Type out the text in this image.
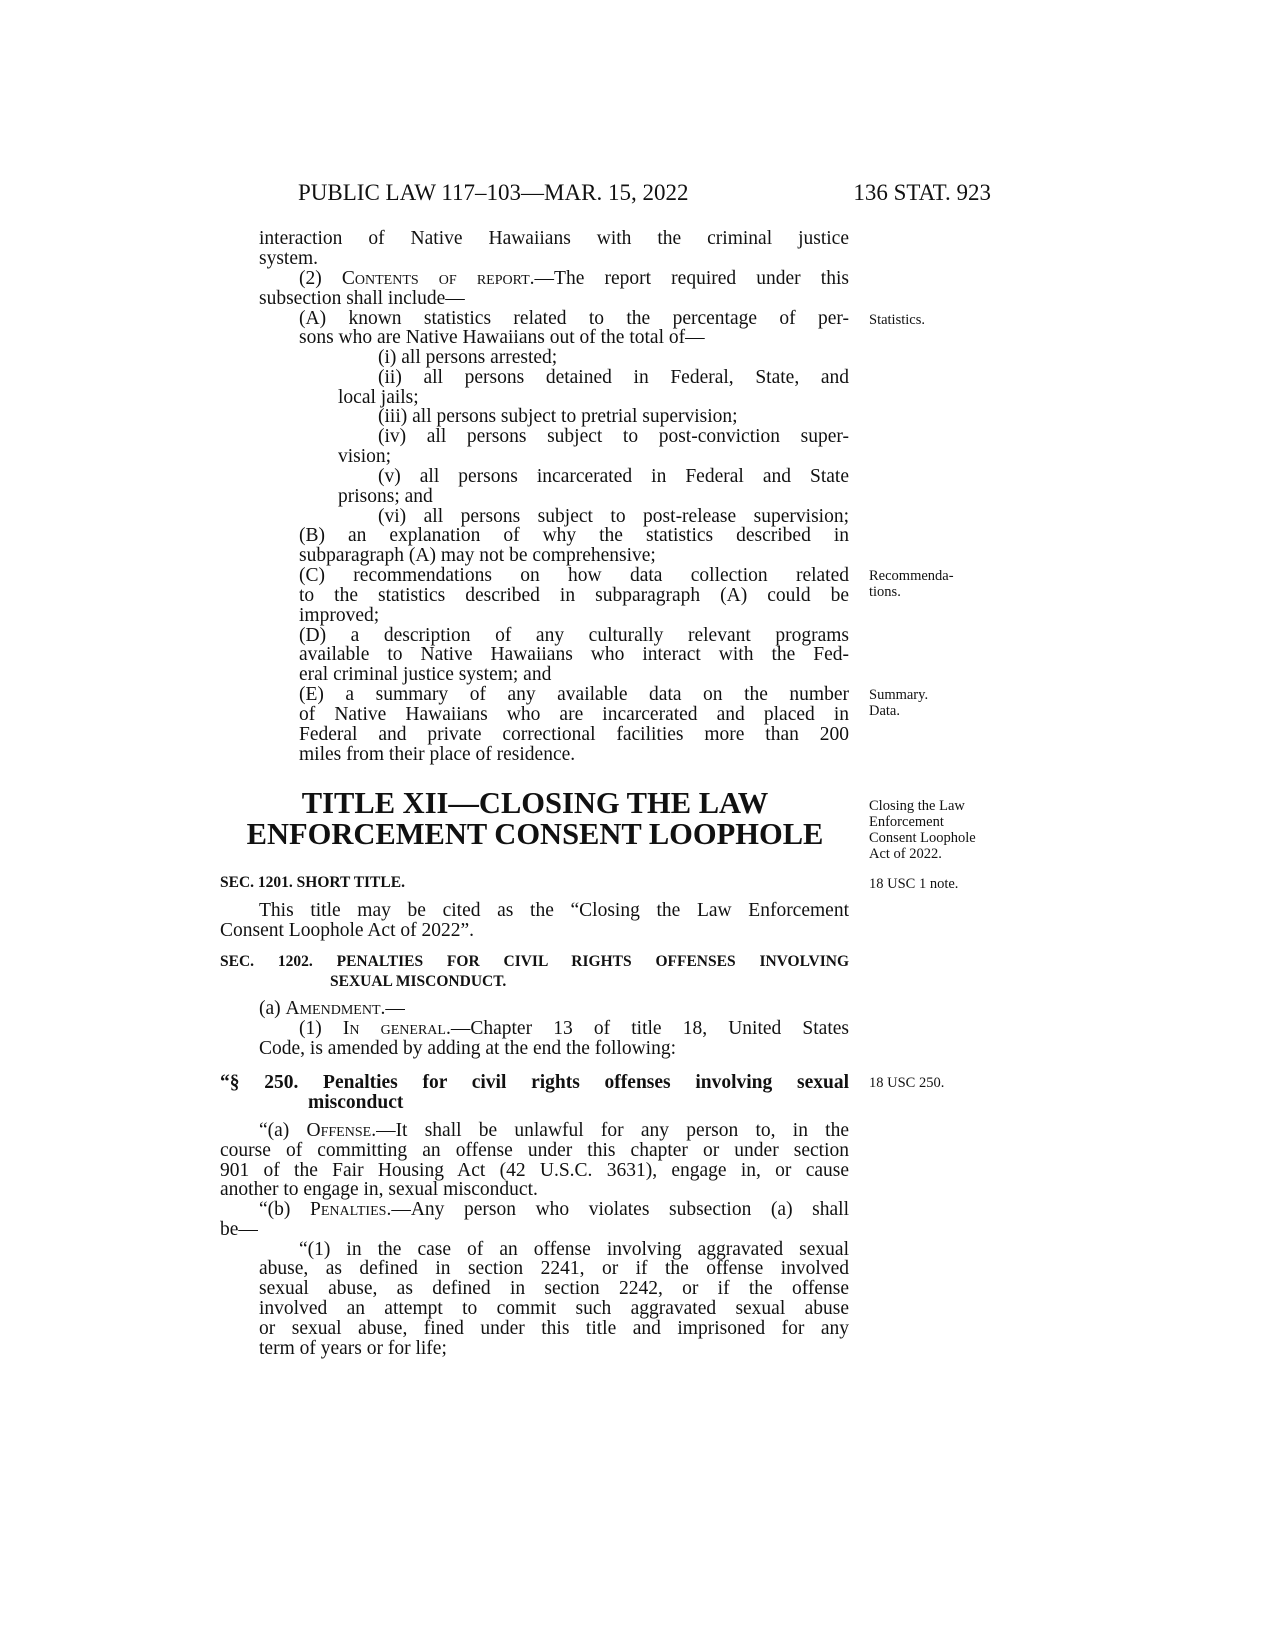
PUBLIC LAW 117–103—MAR. 15, 2022	136 STAT. 923
TITLE XII—CLOSING THE LAW
ENFORCEMENT CONSENT LOOPHOLE
interaction of Native Hawaiians with the criminal justice
system.
(2) Contents of report.—The report required under this
subsection shall include—
(A) known statistics related to the percentage of per-
sons who are Native Hawaiians out of the total of—
(i) all persons arrested;
(ii) all persons detained in Federal, State, and
local jails;
(iii) all persons subject to pretrial supervision;
(iv) all persons subject to post-conviction super-
vision;
(v) all persons incarcerated in Federal and State
prisons; and
(vi) all persons subject to post-release supervision;
(B) an explanation of why the statistics described in
subparagraph (A) may not be comprehensive;
(C) recommendations on how data collection related
to the statistics described in subparagraph (A) could be
improved;
(D) a description of any culturally relevant programs
available to Native Hawaiians who interact with the Fed-
eral criminal justice system; and
(E) a summary of any available data on the number
of Native Hawaiians who are incarcerated and placed in
Federal and private correctional facilities more than 200
miles from their place of residence.
SEC. 1201. SHORT TITLE.
This title may be cited as the “Closing the Law Enforcement
Consent Loophole Act of 2022”.
SEC. 1202. PENALTIES FOR CIVIL RIGHTS OFFENSES INVOLVING
SEXUAL MISCONDUCT.
(a) Amendment.—
(1) In general.—Chapter 13 of title 18, United States
Code, is amended by adding at the end the following:
“§ 250. Penalties for civil rights offenses involving sexual
misconduct
“(a) Offense.—It shall be unlawful for any person to, in the
course of committing an offense under this chapter or under section
901 of the Fair Housing Act (42 U.S.C. 3631), engage in, or cause
another to engage in, sexual misconduct.
“(b) Penalties.—Any person who violates subsection (a) shall
be—
“(1) in the case of an offense involving aggravated sexual
abuse, as defined in section 2241, or if the offense involved
sexual abuse, as defined in section 2242, or if the offense
involved an attempt to commit such aggravated sexual abuse
or sexual abuse, fined under this title and imprisoned for any
term of years or for life;
Statistics.
Recommenda-
tions.
Summary.
Data.
Closing the Law
Enforcement
Consent Loophole
Act of 2022.
18 USC 1 note.
18 USC 250.
